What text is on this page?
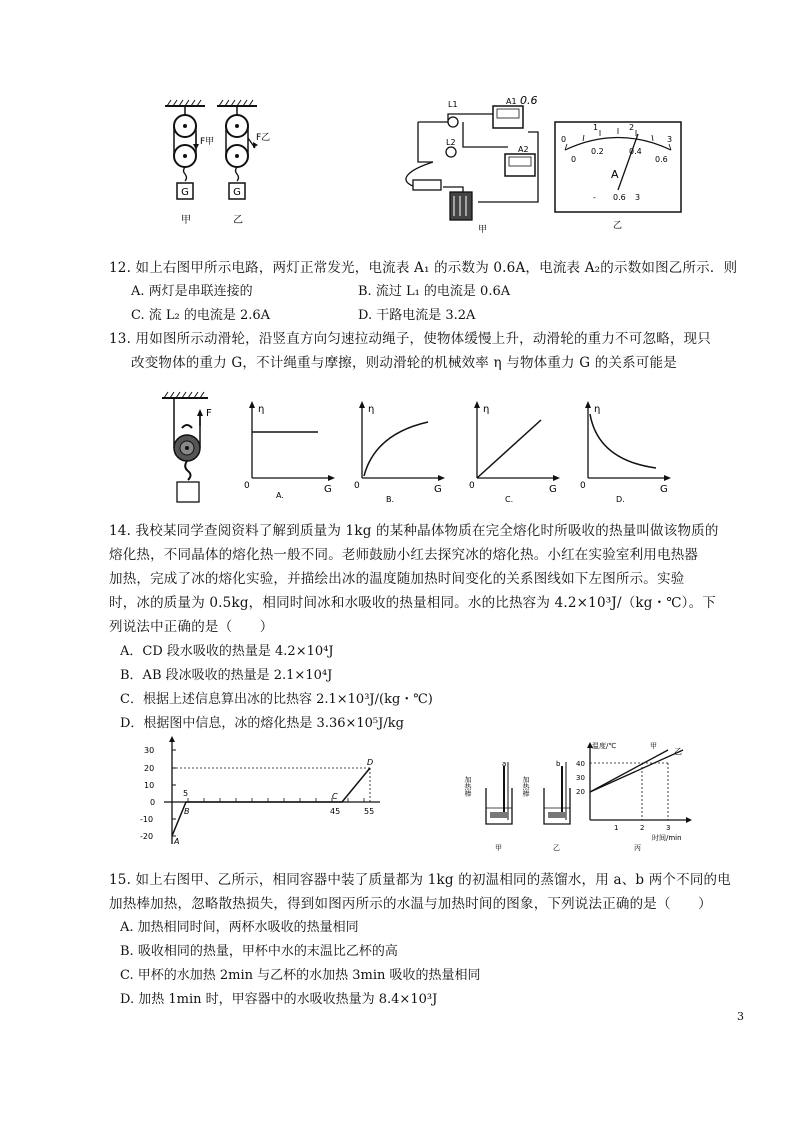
G
F甲
甲
F乙
G
乙
L1
L2
A1 0.6
A2
甲
0
1	2
3
0
0.2	0.4
0.6
A
- 0.6 3
乙
12. 如上右图甲所示电路，两灯正常发光，电流表 A₁ 的示数为 0.6A，电流表 A₂的示数如图乙所示．则
A. 两灯是串联连接的	B. 流过 L₁ 的电流是 0.6A
C. 流 L₂ 的电流是 2.6A	D. 干路电流是 3.2A
13. 用如图所示动滑轮，沿竖直方向匀速拉动绳子，使物体缓慢上升，动滑轮的重力不可忽略，现只
改变物体的重力 G，不计绳重与摩擦，则动滑轮的机械效率 η 与物体重力 G 的关系可能是
F	η
0	G
A.
η
0	G
B.
η
0	G
C.
η
0	G
D.
14. 我校某同学查阅资料了解到质量为 1kg 的某种晶体物质在完全熔化时所吸收的热量叫做该物质的
熔化热，不同晶体的熔化热一般不同。老师鼓励小红去探究冰的熔化热。小红在实验室利用电热器
加热，完成了冰的熔化实验，并描绘出冰的温度随加热时间变化的关系图线如下左图所示。实验
时，冰的质量为 0.5kg，相同时间冰和水吸收的热量相同。水的比热容为 4.2×10³J/（kg・℃）。下
列说法中正确的是（　　）
A．CD 段水吸收的热量是 4.2×10⁴J
B．AB 段冰吸收的热量是 2.1×10⁴J
C．根据上述信息算出冰的比热容 2.1×10³J/(kg・℃)
D．根据图中信息，冰的熔化热是 3.36×10⁵J/kg
30
20
10
0
-10
-20
5
45	55
A
B
C
D	a
加热棒
甲
b
加热棒
乙
温度/℃	甲
乙
40
30
20
1	2	3
时间/min
丙
15. 如上右图甲、乙所示，相同容器中装了质量都为 1kg 的初温相同的蒸馏水，用 a、b 两个不同的电
加热棒加热，忽略散热损失，得到如图丙所示的水温与加热时间的图象，下列说法正确的是（　　）
A. 加热相同时间，两杯水吸收的热量相同
B. 吸收相同的热量，甲杯中水的末温比乙杯的高
C. 甲杯的水加热 2min 与乙杯的水加热 3min 吸收的热量相同
D. 加热 1min 时，甲容器中的水吸收热量为 8.4×10³J
3
